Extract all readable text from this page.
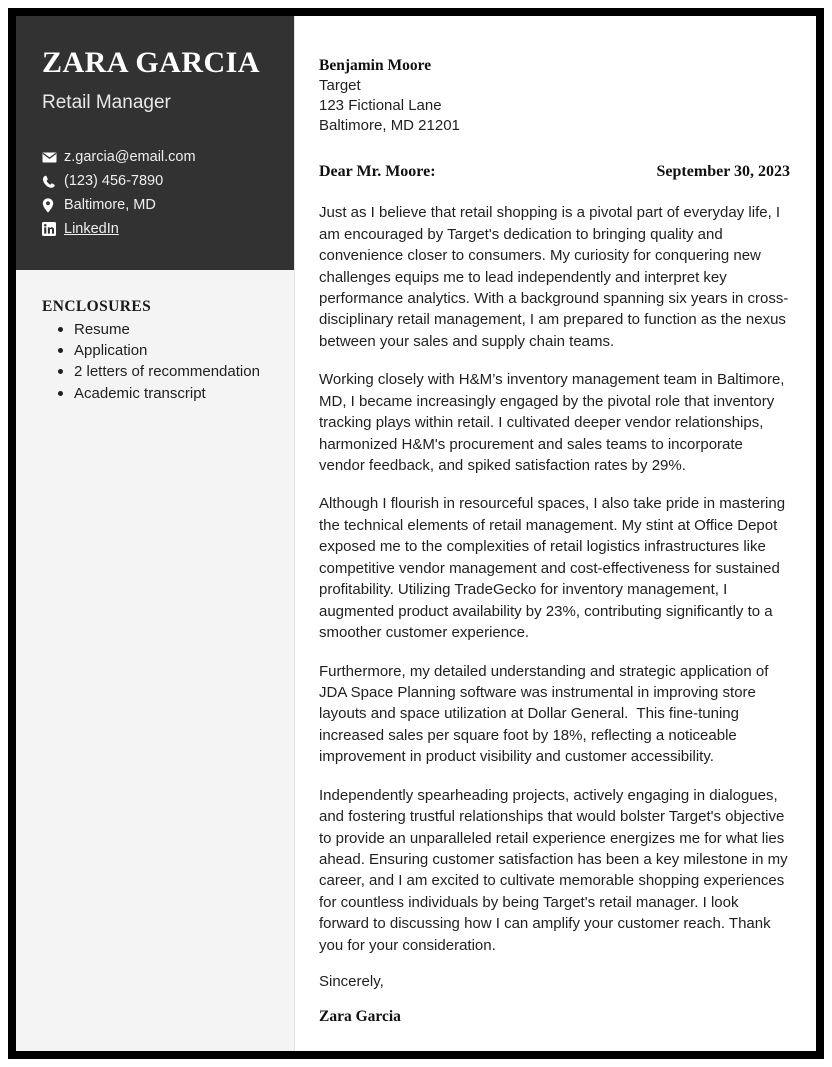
ZARA GARCIA
Retail Manager
z.garcia@email.com
(123) 456-7890
Baltimore, MD
LinkedIn
ENCLOSURES
Resume
Application
2 letters of recommendation
Academic transcript
Benjamin Moore
Target
123 Fictional Lane
Baltimore, MD 21201
Dear Mr. Moore:	September 30, 2023

Just as I believe that retail shopping is a pivotal part of everyday life, I am encouraged by Target's dedication to bringing quality and convenience closer to consumers. My curiosity for conquering new challenges equips me to lead independently and interpret key performance analytics. With a background spanning six years in cross-disciplinary retail management, I am prepared to function as the nexus between your sales and supply chain teams.

Working closely with H&M’s inventory management team in Baltimore, MD, I became increasingly engaged by the pivotal role that inventory tracking plays within retail. I cultivated deeper vendor relationships, harmonized H&M's procurement and sales teams to incorporate vendor feedback, and spiked satisfaction rates by 29%.

Although I flourish in resourceful spaces, I also take pride in mastering the technical elements of retail management. My stint at Office Depot exposed me to the complexities of retail logistics infrastructures like competitive vendor management and cost-effectiveness for sustained profitability. Utilizing TradeGecko for inventory management, I augmented product availability by 23%, contributing significantly to a smoother customer experience.

Furthermore, my detailed understanding and strategic application of JDA Space Planning software was instrumental in improving store layouts and space utilization at Dollar General.  This fine-tuning increased sales per square foot by 18%, reflecting a noticeable improvement in product visibility and customer accessibility.

Independently spearheading projects, actively engaging in dialogues, and fostering trustful relationships that would bolster Target's objective to provide an unparalleled retail experience energizes me for what lies ahead. Ensuring customer satisfaction has been a key milestone in my career, and I am excited to cultivate memorable shopping experiences for countless individuals by being Target's retail manager. I look forward to discussing how I can amplify your customer reach. Thank you for your consideration.

Sincerely,

Zara Garcia
